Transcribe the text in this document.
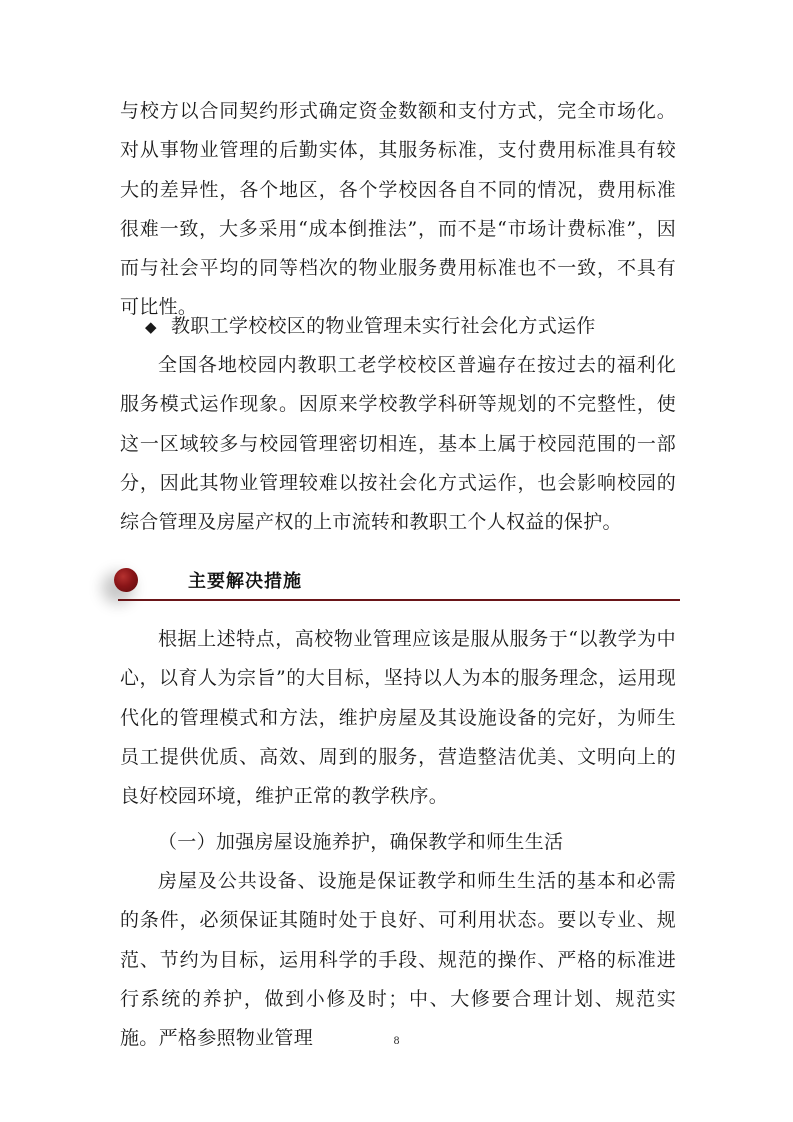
与校方以合同契约形式确定资金数额和支付方式，完全市场化。对从事物业管理的后勤实体，其服务标准，支付费用标准具有较大的差异性，各个地区，各个学校因各自不同的情况，费用标准很难一致，大多采用“成本倒推法”，而不是“市场计费标准”，因而与社会平均的同等档次的物业服务费用标准也不一致，不具有可比性。

◆ 教职工学校校区的物业管理未实行社会化方式运作

全国各地校园内教职工老学校校区普遍存在按过去的福利化服务模式运作现象。因原来学校教学科研等规划的不完整性，使这一区域较多与校园管理密切相连，基本上属于校园范围的一部分，因此其物业管理较难以按社会化方式运作，也会影响校园的综合管理及房屋产权的上市流转和教职工个人权益的保护。

主要解决措施

根据上述特点，高校物业管理应该是服从服务于“以教学为中心，以育人为宗旨”的大目标，坚持以人为本的服务理念，运用现代化的管理模式和方法，维护房屋及其设施设备的完好，为师生员工提供优质、高效、周到的服务，营造整洁优美、文明向上的良好校园环境，维护正常的教学秩序。

（一）加强房屋设施养护，确保教学和师生生活

房屋及公共设备、设施是保证教学和师生生活的基本和必需的条件，必须保证其随时处于良好、可利用状态。要以专业、规范、节约为目标，运用科学的手段、规范的操作、严格的标准进行系统的养护，做到小修及时；中、大修要合理计划、规范实施。严格参照物业管理	8
